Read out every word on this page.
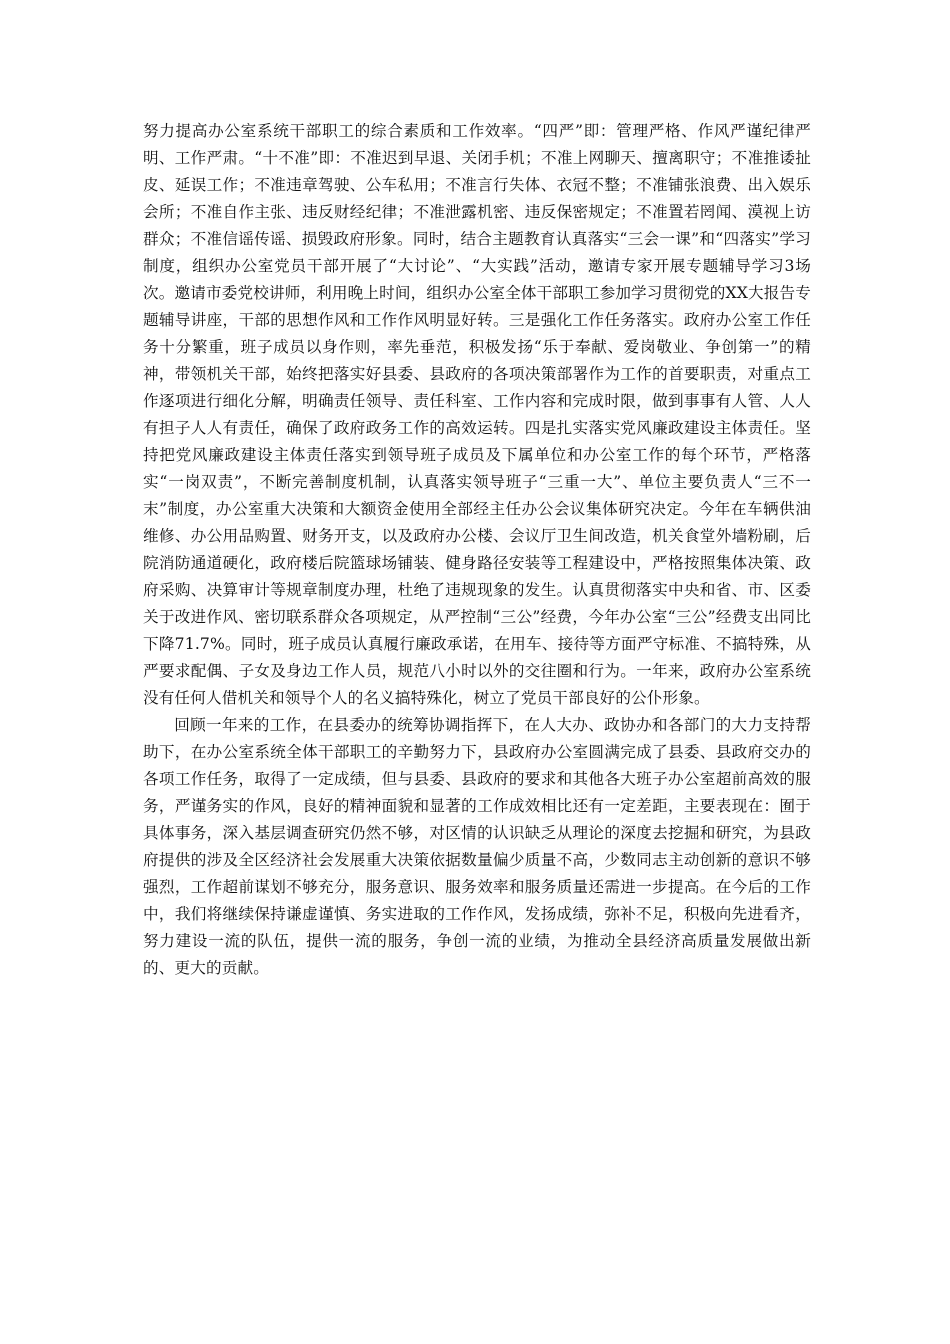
努力提高办公室系统干部职工的综合素质和工作效率。“四严”即：管理严格、作风严谨纪律严明、工作严肃。“十不准”即：不准迟到早退、关闭手机；不准上网聊天、擅离职守；不准推诿扯皮、延误工作；不准违章驾驶、公车私用；不准言行失体、衣冠不整；不准铺张浪费、出入娱乐会所；不准自作主张、违反财经纪律；不准泄露机密、违反保密规定；不准置若罔闻、漠视上访群众；不准信谣传谣、损毁政府形象。同时，结合主题教育认真落实“三会一课”和“四落实”学习制度，组织办公室党员干部开展了“大讨论”、“大实践”活动，邀请专家开展专题辅导学习3场次。邀请市委党校讲师，利用晚上时间，组织办公室全体干部职工参加学习贯彻党的XX大报告专题辅导讲座，干部的思想作风和工作作风明显好转。三是强化工作任务落实。政府办公室工作任务十分繁重，班子成员以身作则，率先垂范，积极发扬“乐于奉献、爱岗敬业、争创第一”的精神，带领机关干部，始终把落实好县委、县政府的各项决策部署作为工作的首要职责，对重点工作逐项进行细化分解，明确责任领导、责任科室、工作内容和完成时限，做到事事有人管、人人有担子人人有责任，确保了政府政务工作的高效运转。四是扎实落实党风廉政建设主体责任。坚持把党风廉政建设主体责任落实到领导班子成员及下属单位和办公室工作的每个环节，严格落实“一岗双责”，不断完善制度机制，认真落实领导班子“三重一大”、单位主要负责人“三不一末”制度，办公室重大决策和大额资金使用全部经主任办公会议集体研究决定。今年在车辆供油维修、办公用品购置、财务开支，以及政府办公楼、会议厅卫生间改造，机关食堂外墙粉刷，后院消防通道硬化，政府楼后院篮球场铺装、健身路径安装等工程建设中，严格按照集体决策、政府采购、决算审计等规章制度办理，杜绝了违规现象的发生。认真贯彻落实中央和省、市、区委关于改进作风、密切联系群众各项规定，从严控制“三公”经费，今年办公室“三公”经费支出同比下降71.7%。同时，班子成员认真履行廉政承诺，在用车、接待等方面严守标准、不搞特殊，从严要求配偶、子女及身边工作人员，规范八小时以外的交往圈和行为。一年来，政府办公室系统没有任何人借机关和领导个人的名义搞特殊化，树立了党员干部良好的公仆形象。

回顾一年来的工作，在县委办的统筹协调指挥下，在人大办、政协办和各部门的大力支持帮助下，在办公室系统全体干部职工的辛勤努力下，县政府办公室圆满完成了县委、县政府交办的各项工作任务，取得了一定成绩，但与县委、县政府的要求和其他各大班子办公室超前高效的服务，严谨务实的作风，良好的精神面貌和显著的工作成效相比还有一定差距，主要表现在：囿于具体事务，深入基层调查研究仍然不够，对区情的认识缺乏从理论的深度去挖掘和研究，为县政府提供的涉及全区经济社会发展重大决策依据数量偏少质量不高，少数同志主动创新的意识不够强烈，工作超前谋划不够充分，服务意识、服务效率和服务质量还需进一步提高。在今后的工作中，我们将继续保持谦虚谨慎、务实进取的工作作风，发扬成绩，弥补不足，积极向先进看齐，努力建设一流的队伍，提供一流的服务，争创一流的业绩，为推动全县经济高质量发展做出新的、更大的贡献。
